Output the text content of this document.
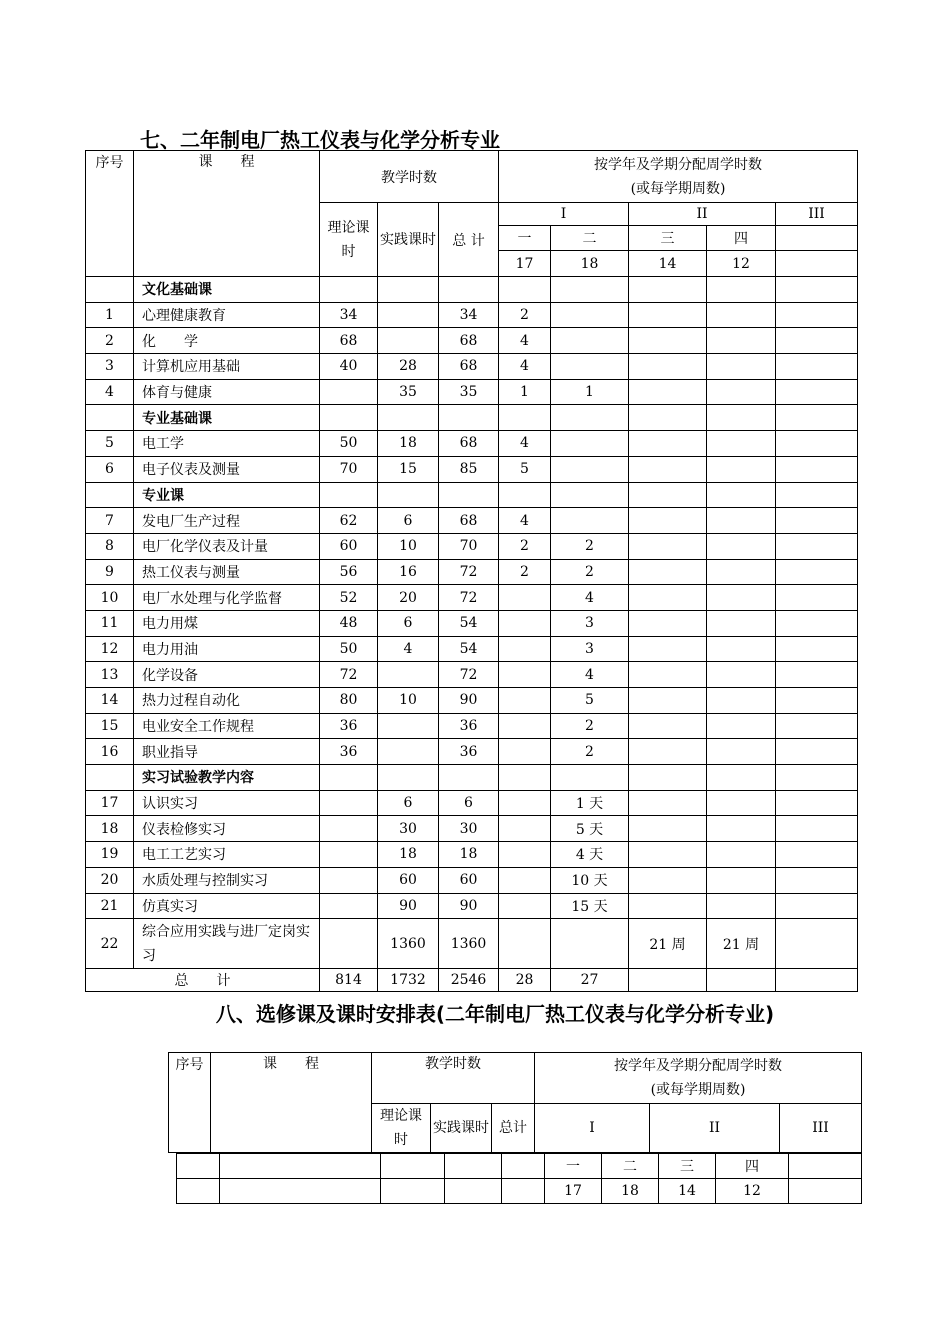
七、二年制电厂热工仪表与化学分析专业
序号	课　　程	教学时数			按学年及学期分配周学时数
(或每学期周数)				

		理论课时	实践课时	总 计	I		II		III
					一	二	三	四	
					17	18	14	12	
	文化基础课								
1	心理健康教育	34		34	2				
2	化　　学	68		68	4				
3	计算机应用基础	40	28	68	4				
4	体育与健康		35	35	1	1			
	专业基础课								
5	电工学	50	18	68	4				
6	电子仪表及测量	70	15	85	5				
	专业课								
7	发电厂生产过程	62	6	68	4				
8	电厂化学仪表及计量	60	10	70	2	2			
9	热工仪表与测量	56	16	72	2	2			
10	电厂水处理与化学监督	52	20	72		4			
11	电力用煤	48	6	54		3			
12	电力用油	50	4	54		3			
13	化学设备	72		72		4			
14	热力过程自动化	80	10	90		5			
15	电业安全工作规程	36		36		2			
16	职业指导	36		36		2			
	实习试验教学内容								
17	认识实习		6	6		1 天			
18	仪表检修实习		30	30		5 天			
19	电工工艺实习		18	18		4 天			
20	水质处理与控制实习		60	60		10 天			
21	仿真实习		90	90		15 天			
22	综合应用实践与进厂定岗实习		1360	1360			21 周	21 周	
总　　计		814	1732	2546	28	27			
八、选修课及课时安排表(二年制电厂热工仪表与化学分析专业)
序号	课　　程	教学时数			按学年及学期分配周学时数
(或每学期周数)		

		理论课时	实践课时	总计	I	II	III
					一	二	三	四	
					17	18	14	12	
